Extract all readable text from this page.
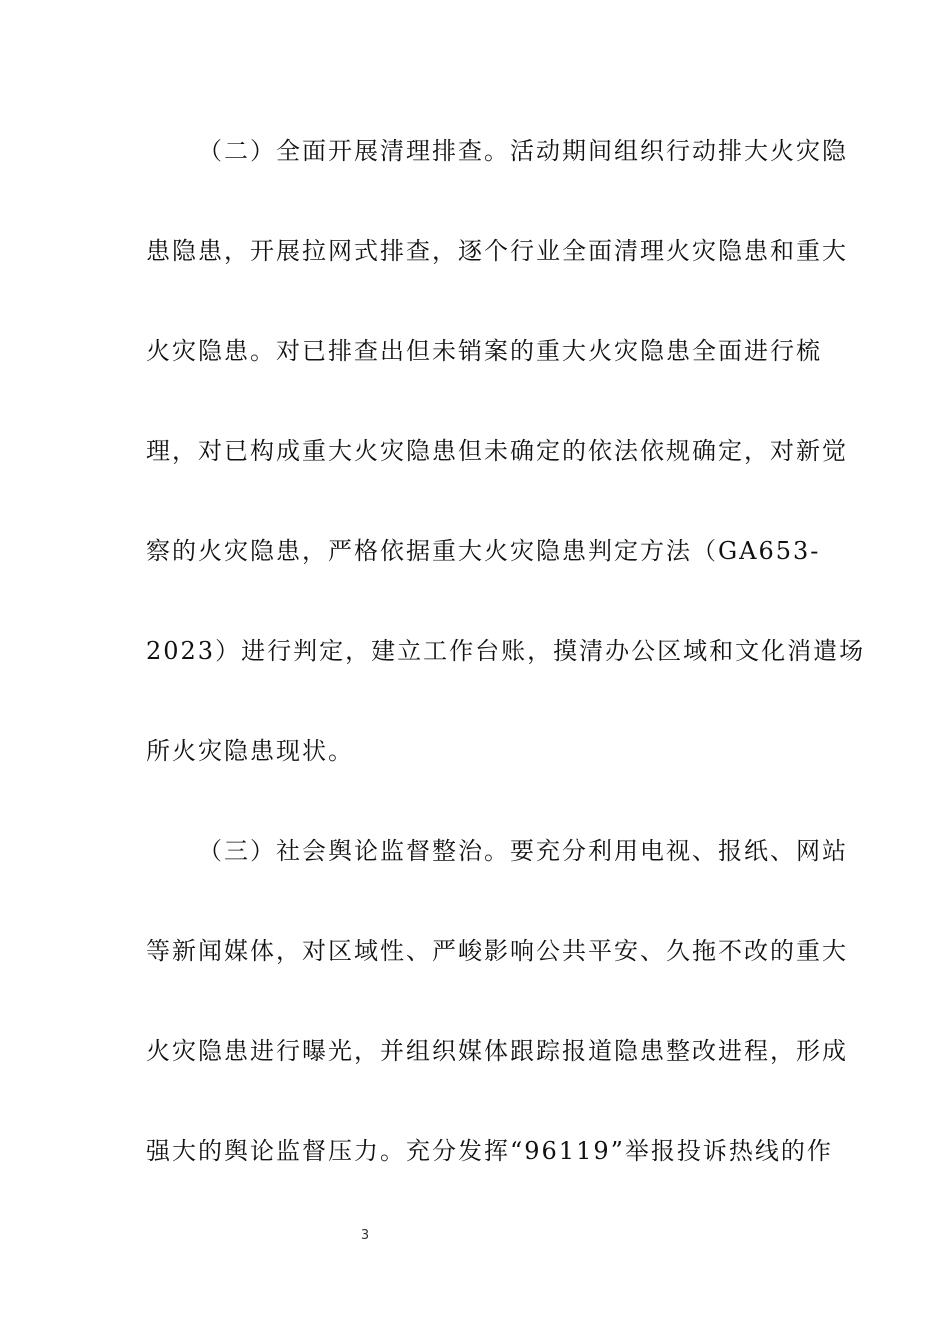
（二）全面开展清理排查。活动期间组织行动排大火灾隐
患隐患，开展拉网式排查，逐个行业全面清理火灾隐患和重大
火灾隐患。对已排查出但未销案的重大火灾隐患全面进行梳
理，对已构成重大火灾隐患但未确定的依法依规确定，对新觉
察的火灾隐患，严格依据重大火灾隐患判定方法（GA653-
2023）进行判定，建立工作台账，摸清办公区域和文化消遣场
所火灾隐患现状。
（三）社会舆论监督整治。要充分利用电视、报纸、网站
等新闻媒体，对区域性、严峻影响公共平安、久拖不改的重大
火灾隐患进行曝光，并组织媒体跟踪报道隐患整改进程，形成
强大的舆论监督压力。充分发挥“96119”举报投诉热线的作
3
